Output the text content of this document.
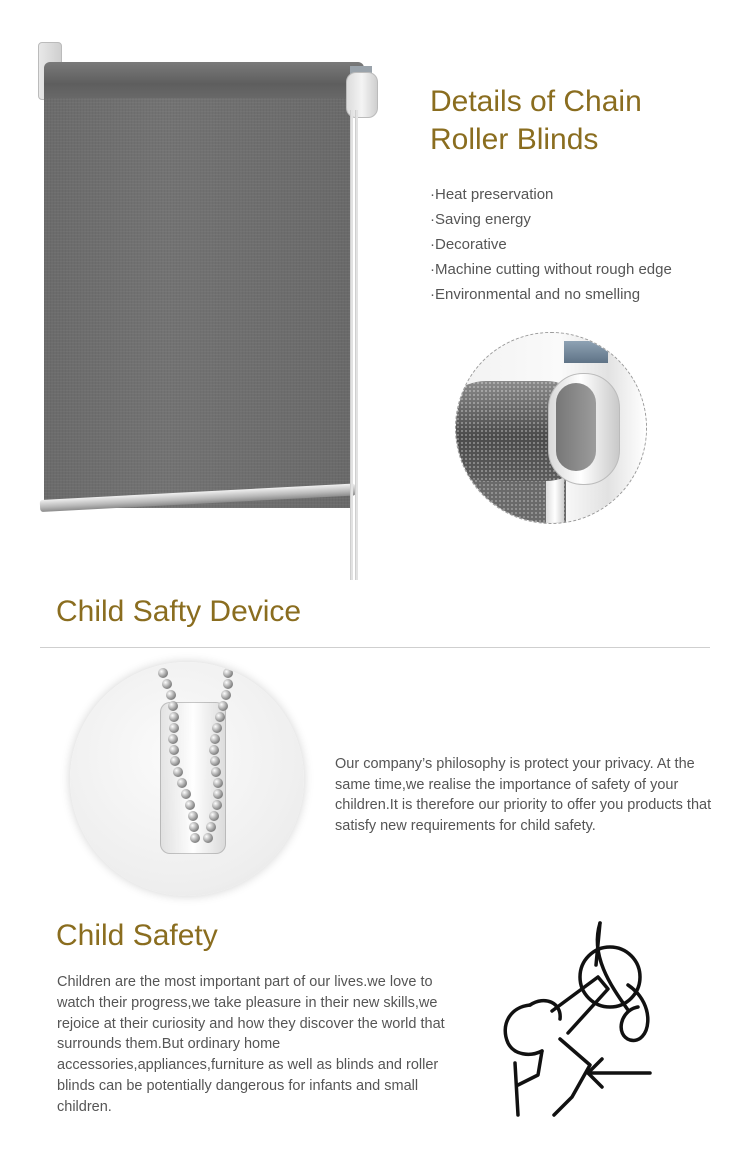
Details of Chain
Roller Blinds
·Heat preservation
·Saving energy
·Decorative
·Machine cutting without rough edge
·Environmental and no smelling
Child Safty Device
Our company’s philosophy is protect your privacy. At the same time,we realise the importance of safety of your children.It is therefore our priority to offer you products that satisfy new requirements for child safety.
Child Safety
Children are the most important part of our lives.we love to watch their progress,we take pleasure in their new skills,we rejoice at their curiosity and how they discover the world that surrounds them.But ordinary home accessories,appliances,furniture as well as blinds and roller blinds can be potentially dangerous for infants and small children.
